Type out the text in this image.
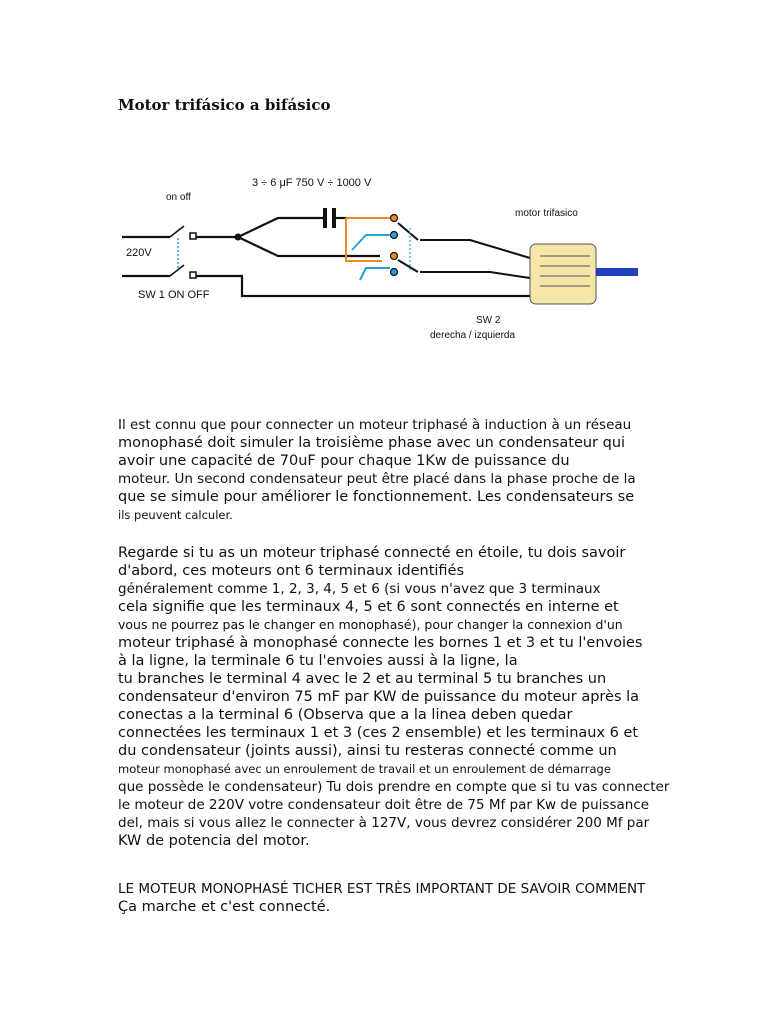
Motor trifásico a bifásico
3 ÷ 6 μF 750 V ÷ 1000 V
on off
220V
SW 1 ON OFF
motor trifasico
SW 2
derecha / izquierda
Il est connu que pour connecter un moteur triphasé à induction à un réseau
monophasé doit simuler la troisième phase avec un condensateur qui
avoir une capacité de 70uF pour chaque 1Kw de puissance du
moteur. Un second condensateur peut être placé dans la phase proche de la
que se simule pour améliorer le fonctionnement. Les condensateurs se
ils peuvent calculer.
Regarde si tu as un moteur triphasé connecté en étoile, tu dois savoir
d'abord, ces moteurs ont 6 terminaux identifiés
généralement comme 1, 2, 3, 4, 5 et 6 (si vous n'avez que 3 terminaux
cela signifie que les terminaux 4, 5 et 6 sont connectés en interne et
vous ne pourrez pas le changer en monophasé), pour changer la connexion d'un
moteur triphasé à monophasé connecte les bornes 1 et 3 et tu l'envoies
à la ligne, la terminale 6 tu l'envoies aussi à la ligne, la
tu branches le terminal 4 avec le 2 et au terminal 5 tu branches un
condensateur d'environ 75 mF par KW de puissance du moteur après la
conectas a la terminal 6 (Observa que a la linea deben quedar
connectées les terminaux 1 et 3 (ces 2 ensemble) et les terminaux 6 et
du condensateur (joints aussi), ainsi tu resteras connecté comme un
moteur monophasé avec un enroulement de travail et un enroulement de démarrage
que possède le condensateur) Tu dois prendre en compte que si tu vas connecter
le moteur de 220V votre condensateur doit être de 75 Mf par Kw de puissance
del, mais si vous allez le connecter à 127V, vous devrez considérer 200 Mf par
KW de potencia del motor.
LE MOTEUR MONOPHASÉ TICHER EST TRÈS IMPORTANT DE SAVOIR COMMENT
Ça marche et c'est connecté.
